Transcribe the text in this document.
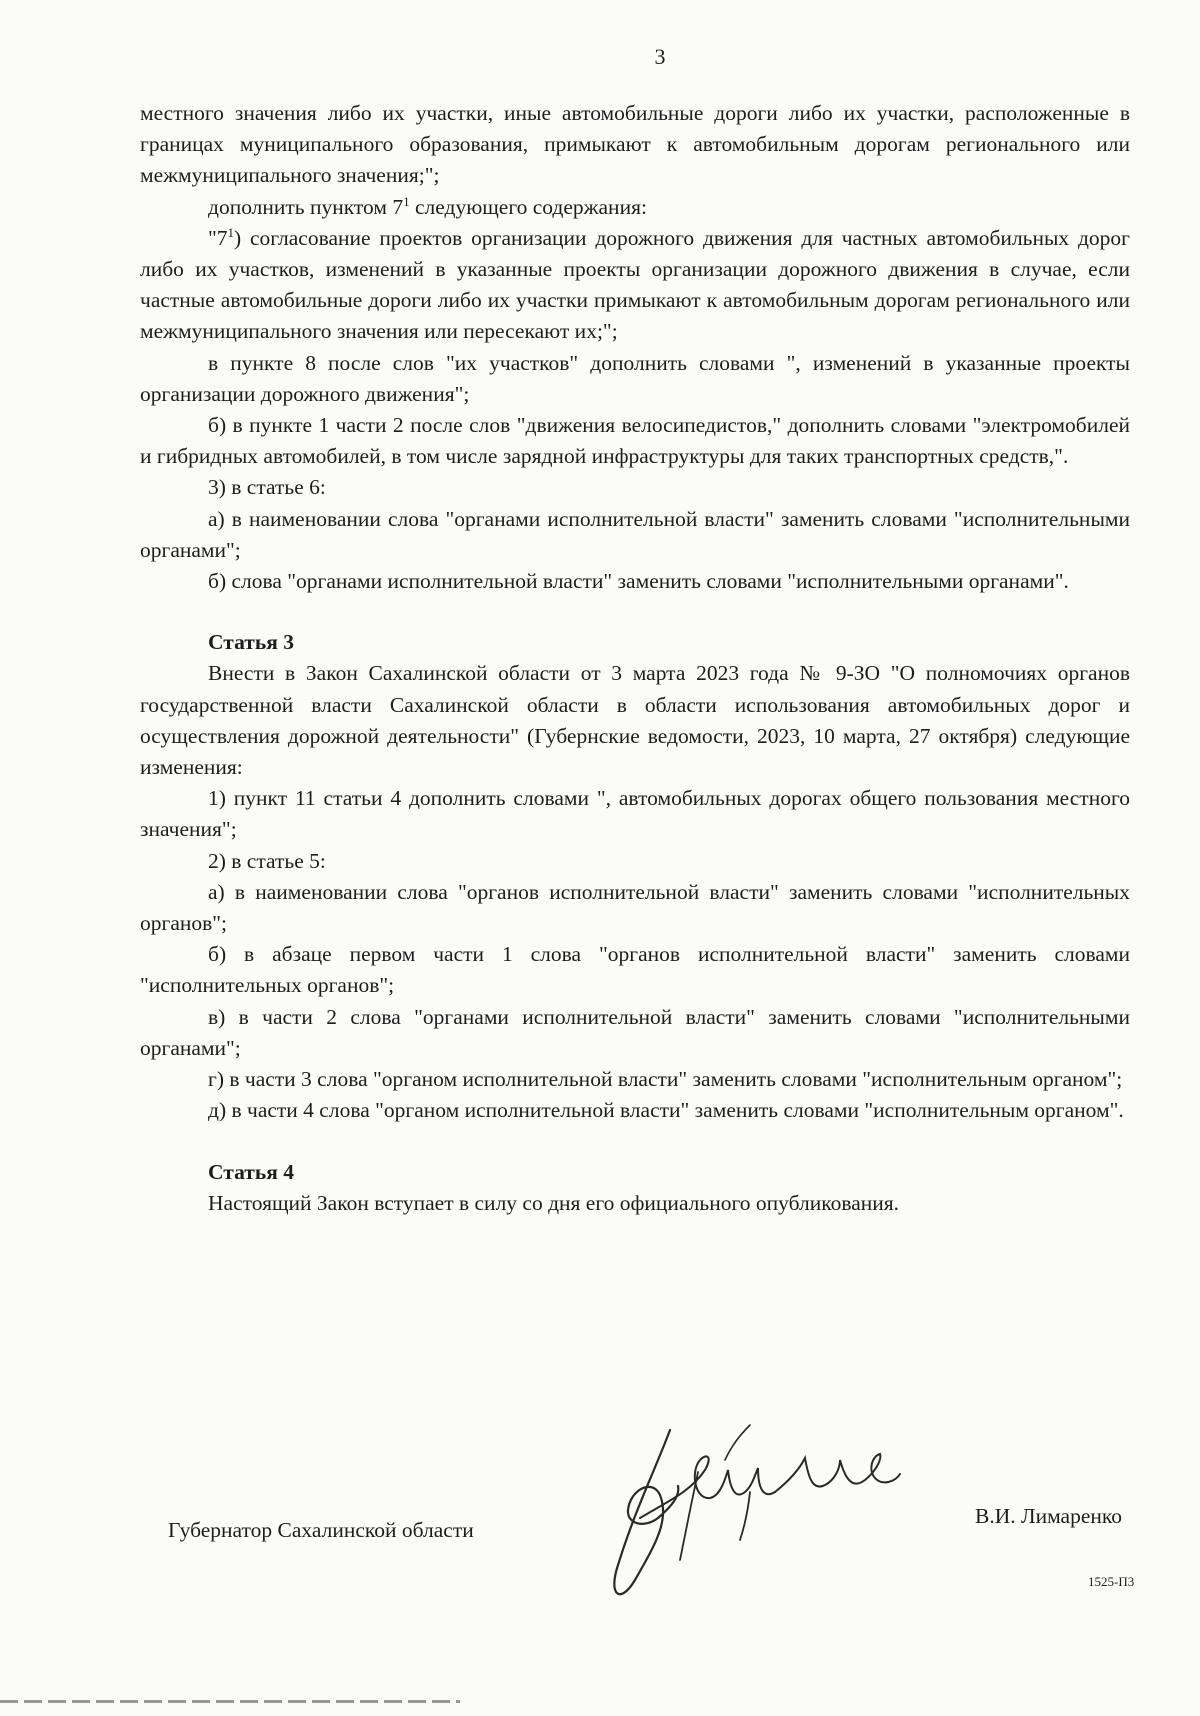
3

местного значения либо их участки, иные автомобильные дороги либо их участки, расположенные в границах муниципального образования, примыкают к автомобильным дорогам регионального или межмуниципального значения;";

дополнить пунктом $7^1$ следующего содержания:

"$7^1$) согласование проектов организации дорожного движения для частных автомобильных дорог либо их участков, изменений в указанные проекты организации дорожного движения в случае, если частные автомобильные дороги либо их участки примыкают к автомобильным дорогам регионального или межмуниципального значения или пересекают их;";

в пункте 8 после слов "их участков" дополнить словами ", изменений в указанные проекты организации дорожного движения";

б) в пункте 1 части 2 после слов "движения велосипедистов," дополнить словами "электромобилей и гибридных автомобилей, в том числе зарядной инфраструктуры для таких транспортных средств,".

3) в статье 6:

а) в наименовании слова "органами исполнительной власти" заменить словами "исполнительными органами";

б) слова "органами исполнительной власти" заменить словами "исполнительными органами".

Статья 3

Внести в Закон Сахалинской области от 3 марта 2023 года № 9-ЗО "О полномочиях органов государственной власти Сахалинской области в области использования автомобильных дорог и осуществления дорожной деятельности" (Губернские ведомости, 2023, 10 марта, 27 октября) следующие изменения:

1) пункт 11 статьи 4 дополнить словами ", автомобильных дорогах общего пользования местного значения";

2) в статье 5:

а) в наименовании слова "органов исполнительной власти" заменить словами "исполнительных органов";

б) в абзаце первом части 1 слова "органов исполнительной власти" заменить словами "исполнительных органов";

в) в части 2 слова "органами исполнительной власти" заменить словами "исполнительными органами";

г) в части 3 слова "органом исполнительной власти" заменить словами "исполнительным органом";

д) в части 4 слова "органом исполнительной власти" заменить словами "исполнительным органом".

Статья 4

Настоящий Закон вступает в силу со дня его официального опубликования.

Губернатор Сахалинской области
В.И. Лимаренко
1525-П3
